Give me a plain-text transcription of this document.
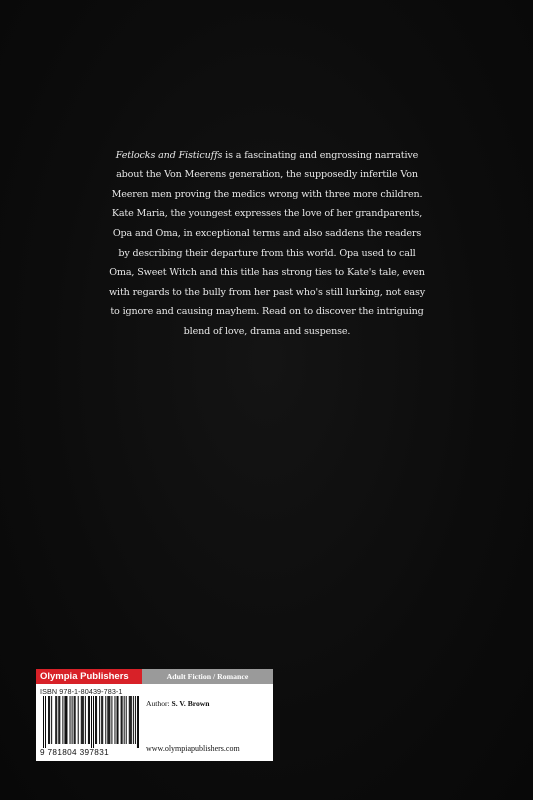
Fetlocks and Fisticuffs is a fascinating and engrossing narrative about the Von Meerens generation, the supposedly infertile Von Meeren men proving the medics wrong with three more children. Kate Maria, the youngest expresses the love of her grandparents, Opa and Oma, in exceptional terms and also saddens the readers by describing their departure from this world. Opa used to call Oma, Sweet Witch and this title has strong ties to Kate's tale, even with regards to the bully from her past who's still lurking, not easy to ignore and causing mayhem. Read on to discover the intriguing blend of love, drama and suspense.

Olympia Publishers	Adult Fiction / Romance
ISBN 978-1-80439-783-1
9 781804 397831
Author: S. V. Brown
www.olympiapublishers.com
